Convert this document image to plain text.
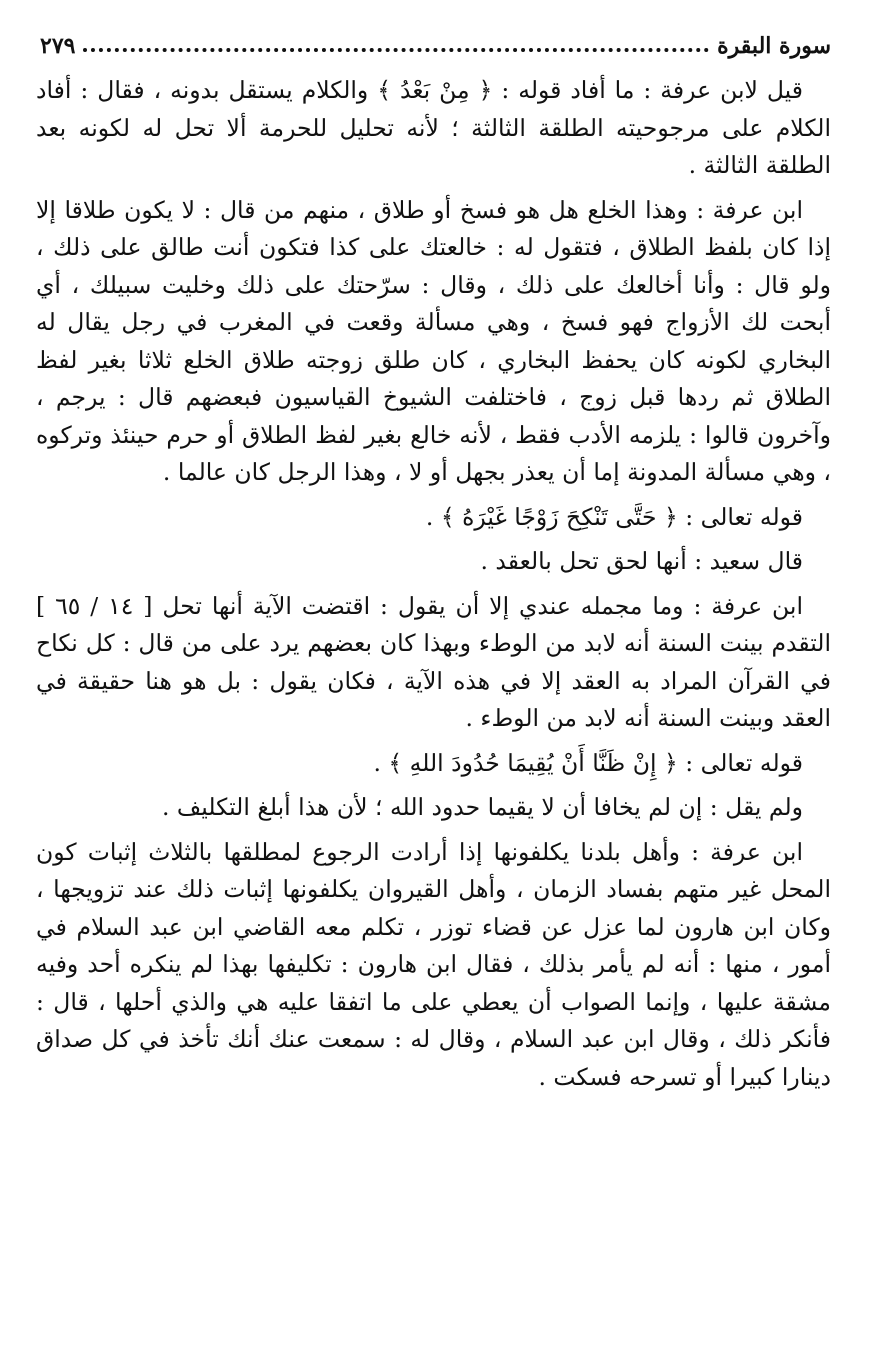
سورة البقرة
٢٧٩

قيل لابن عرفة : ما أفاد قوله : ﴿ مِنْ بَعْدُ ﴾ والكلام يستقل بدونه ، فقال : أفاد الكلام على مرجوحيته الطلقة الثالثة ؛ لأنه تحليل للحرمة ألا تحل له لكونه بعد الطلقة الثالثة .

ابن عرفة : وهذا الخلع هل هو فسخ أو طلاق ، منهم من قال : لا يكون طلاقا إلا إذا كان بلفظ الطلاق ، فتقول له : خالعتك على كذا فتكون أنت طالق على ذلك ، ولو قال : وأنا أخالعك على ذلك ، وقال : سرّحتك على ذلك وخليت سبيلك ، أي أبحت لك الأزواج فهو فسخ ، وهي مسألة وقعت في المغرب في رجل يقال له البخاري لكونه كان يحفظ البخاري ، كان طلق زوجته طلاق الخلع ثلاثا بغير لفظ الطلاق ثم ردها قبل زوج ، فاختلفت الشيوخ القياسيون فبعضهم قال : يرجم ، وآخرون قالوا : يلزمه الأدب فقط ، لأنه خالع بغير لفظ الطلاق أو حرم حينئذ وتركوه ، وهي مسألة المدونة إما أن يعذر بجهل أو لا ، وهذا الرجل كان عالما .

قوله تعالى : ﴿ حَتَّى تَنْكِحَ زَوْجًا غَيْرَهُ ﴾ .

قال سعيد : أنها لحق تحل بالعقد .

ابن عرفة : وما مجمله عندي إلا أن يقول : اقتضت الآية أنها تحل [ ١٤ / ٦٥ ] التقدم بينت السنة أنه لابد من الوطء وبهذا كان بعضهم يرد على من قال : كل نكاح في القرآن المراد به العقد إلا في هذه الآية ، فكان يقول : بل هو هنا حقيقة في العقد وبينت السنة أنه لابد من الوطء .

قوله تعالى : ﴿ إِنْ ظَنَّا أَنْ يُقِيمَا حُدُودَ اللهِ ﴾ .

ولم يقل : إن لم يخافا أن لا يقيما حدود الله ؛ لأن هذا أبلغ التكليف .

ابن عرفة : وأهل بلدنا يكلفونها إذا أرادت الرجوع لمطلقها بالثلاث إثبات كون المحل غير متهم بفساد الزمان ، وأهل القيروان يكلفونها إثبات ذلك عند تزويجها ، وكان ابن هارون لما عزل عن قضاء توزر ، تكلم معه القاضي ابن عبد السلام في أمور ، منها : أنه لم يأمر بذلك ، فقال ابن هارون : تكليفها بهذا لم ينكره أحد وفيه مشقة عليها ، وإنما الصواب أن يعطي على ما اتفقا عليه هي والذي أحلها ، قال : فأنكر ذلك ، وقال ابن عبد السلام ، وقال له : سمعت عنك أنك تأخذ في كل صداق دينارا كبيرا أو تسرحه فسكت .
